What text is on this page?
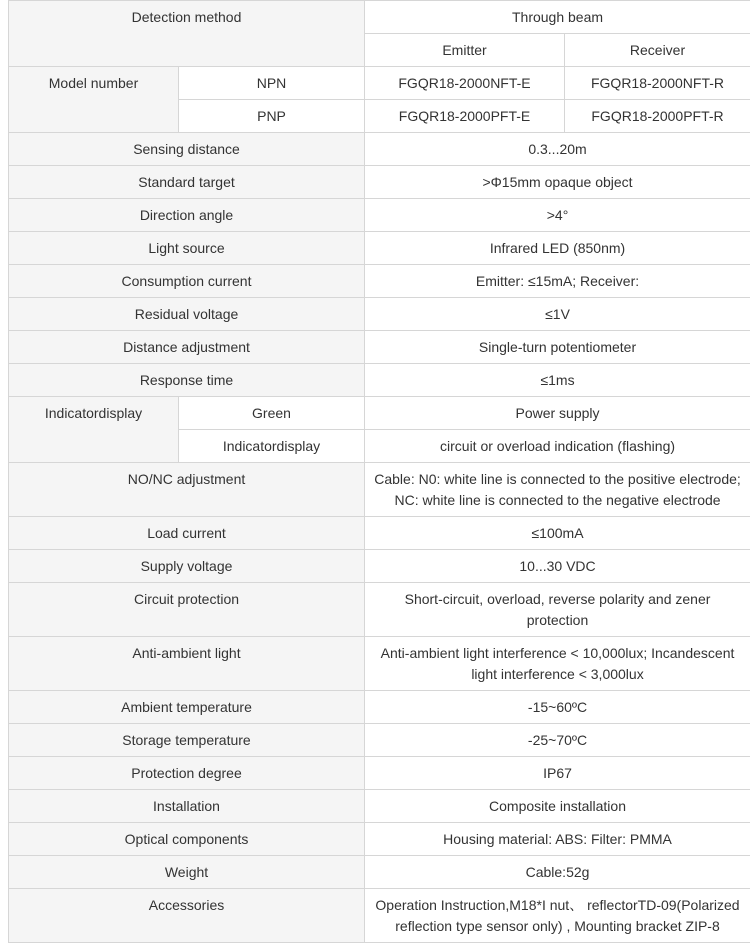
Detection method		Through beam	
		Emitter	Receiver
Model number	NPN	FGQR18-2000NFT-E	FGQR18-2000NFT-R
	PNP	FGQR18-2000PFT-E	FGQR18-2000PFT-R
Sensing distance		0.3...20m	
Standard target		>Φ15mm opaque object	
Direction angle		>4°	
Light source		Infrared LED (850nm)	
Consumption current		Emitter: ≤15mA; Receiver:	
Residual voltage		≤1V	
Distance adjustment		Single-turn potentiometer	
Response time		≤1ms	
Indicatordisplay	Green	Power supply	
	Indicatordisplay	circuit or overload indication (flashing)	
NO/NC adjustment		Cable: N0: white line is connected to the positive electrode;
NC: white line is connected to the negative electrode	
Load current		≤100mA	
Supply voltage		10...30 VDC	
Circuit protection		Short-circuit, overload, reverse polarity and zener
protection	
Anti-ambient light		Anti-ambient light interference < 10,000lux; Incandescent
light interference < 3,000lux	
Ambient temperature		-15~60ºC	
Storage temperature		-25~70ºC	
Protection degree		IP67	
Installation		Composite installation	
Optical components		Housing material: ABS: Filter: PMMA	
Weight		Cable:52g	
Accessories		Operation Instruction,M18*I nut、 reflectorTD-09(Polarized
reflection type sensor only) , Mounting bracket ZIP-8	
